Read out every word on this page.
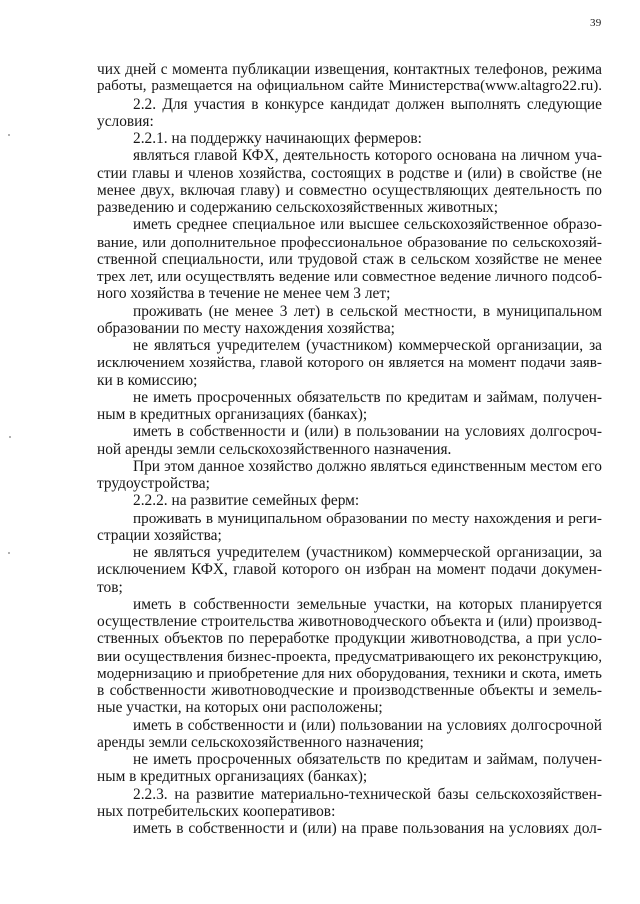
39
чих дней с момента публикации извещения, контактных телефонов, режима
работы, размещается на официальном сайте Министерства(www.altagro22.ru).
2.2. Для участия в конкурсе кандидат должен выполнять следующие
условия:
2.2.1. на поддержку начинающих фермеров:
являться главой КФХ, деятельность которого основана на личном уча-
стии главы и членов хозяйства, состоящих в родстве и (или) в свойстве (не
менее двух, включая главу) и совместно осуществляющих деятельность по
разведению и содержанию сельскохозяйственных животных;
иметь среднее специальное или высшее сельскохозяйственное образо-
вание, или дополнительное профессиональное образование по сельскохозяй-
ственной специальности, или трудовой стаж в сельском хозяйстве не менее
трех лет, или осуществлять ведение или совместное ведение личного подсоб-
ного хозяйства в течение не менее чем 3 лет;
проживать (не менее 3 лет) в сельской местности, в муниципальном
образовании по месту нахождения хозяйства;
не являться учредителем (участником) коммерческой организации, за
исключением хозяйства, главой которого он является на момент подачи заяв-
ки в комиссию;
не иметь просроченных обязательств по кредитам и займам, получен-
ным в кредитных организациях (банках);
иметь в собственности и (или) в пользовании на условиях долгосроч-
ной аренды земли сельскохозяйственного назначения.
При этом данное хозяйство должно являться единственным местом его
трудоустройства;
2.2.2. на развитие семейных ферм:
проживать в муниципальном образовании по месту нахождения и реги-
страции хозяйства;
не являться учредителем (участником) коммерческой организации, за
исключением КФХ, главой которого он избран на момент подачи докумен-
тов;
иметь в собственности земельные участки, на которых планируется
осуществление строительства животноводческого объекта и (или) производ-
ственных объектов по переработке продукции животноводства, а при усло-
вии осуществления бизнес-проекта, предусматривающего их реконструкцию,
модернизацию и приобретение для них оборудования, техники и скота, иметь
в собственности животноводческие и производственные объекты и земель-
ные участки, на которых они расположены;
иметь в собственности и (или) пользовании на условиях долгосрочной
аренды земли сельскохозяйственного назначения;
не иметь просроченных обязательств по кредитам и займам, получен-
ным в кредитных организациях (банках);
2.2.3. на развитие материально-технической базы сельскохозяйствен-
ных потребительских кооперативов:
иметь в собственности и (или) на праве пользования на условиях дол-
